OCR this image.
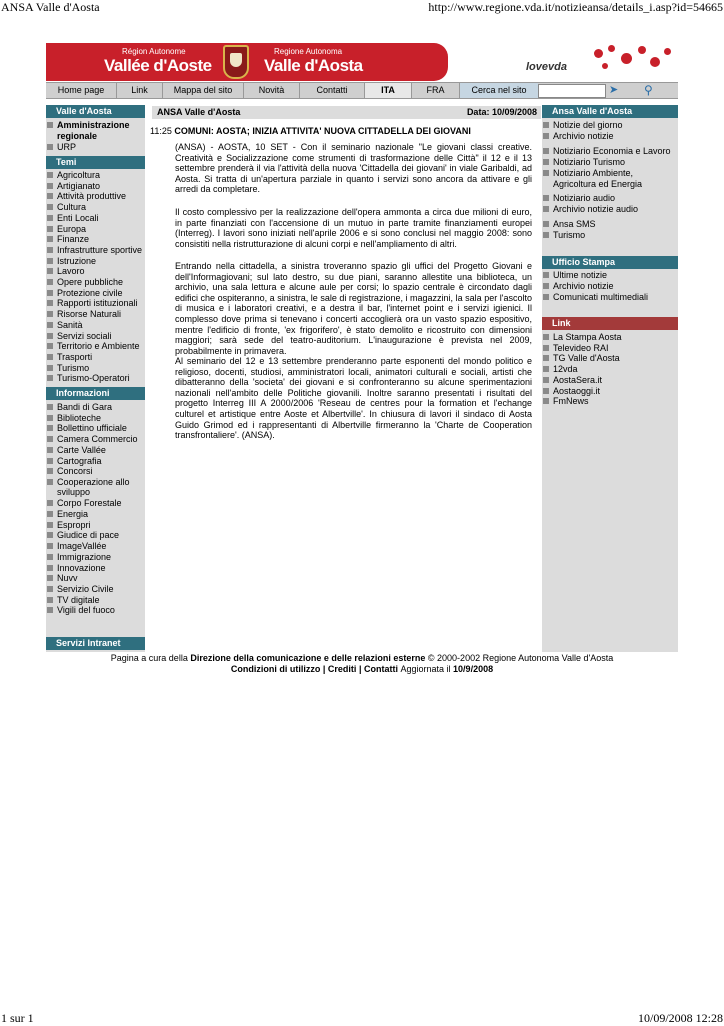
ANSA Valle d'Aosta	http://www.regione.vda.it/notizieansa/details_i.asp?id=54665
1 sur 1	10/09/2008 12:28
Région Autonome
Vallée d'Aoste
Regione Autonoma
Valle d'Aosta	lovevda
Home page	Link	Mappa del sito	Novità	Contatti	ITA	FRA	Cerca nel sito	➤	⚲
Valle d'Aosta
Amministrazione regionale
URP
Temi
Informazioni
Servizi Intranet
Agricoltura
Artigianato
Attività produttive
Cultura
Enti Locali
Europa
Finanze
Infrastrutture sportive
Istruzione
Lavoro
Opere pubbliche
Protezione civile
Rapporti istituzionali
Risorse Naturali
Sanità
Servizi sociali
Territorio e Ambiente
Trasporti
Turismo
Turismo-Operatori
Bandi di Gara
Biblioteche
Bollettino ufficiale
Camera Commercio
Carte Vallée
Cartografia
Concorsi
Cooperazione allo sviluppo
Corpo Forestale
Energia
Espropri
Giudice di pace
ImageVallée
Immigrazione
Innovazione
Nuvv
Servizio Civile
TV digitale
Vigili del fuoco
ANSA Valle d'Aosta	Data: 10/09/2008
11:25 COMUNI: AOSTA; INIZIA ATTIVITA' NUOVA CITTADELLA DEI GIOVANI
(ANSA) - AOSTA, 10 SET - Con il seminario nazionale "Le giovani classi creative. Creatività e Socializzazione come strumenti di trasformazione delle Città" il 12 e il 13 settembre prenderà il via l'attività della nuova 'Cittadella dei giovani' in viale Garibaldi, ad Aosta. Si tratta di un'apertura parziale in quanto i servizi sono ancora da attivare e gli arredi da completare.
Il costo complessivo per la realizzazione dell'opera ammonta a circa due milioni di euro, in parte finanziati con l'accensione di un mutuo in parte tramite finanziamenti europei (Interreg). I lavori sono iniziati nell'aprile 2006 e si sono conclusi nel maggio 2008: sono consistiti nella ristrutturazione di alcuni corpi e nell'ampliamento di altri.
Entrando nella cittadella, a sinistra troveranno spazio gli uffici del Progetto Giovani e dell'Informagiovani; sul lato destro, su due piani, saranno allestite una biblioteca, un archivio, una sala lettura e alcune aule per corsi; lo spazio centrale è circondato dagli edifici che ospiteranno, a sinistra, le sale di registrazione, i magazzini, la sala per l'ascolto di musica e i laboratori creativi, e a destra il bar, l'internet point e i servizi igienici. Il complesso dove prima si tenevano i concerti accoglierà ora un vasto spazio espositivo, mentre l'edificio di fronte, 'ex frigorifero', è stato demolito e ricostruito con dimensioni maggiori; sarà sede del teatro-auditorium. L'inaugurazione è prevista nel 2009, probabilmente in primavera.
Al seminario del 12 e 13 settembre prenderanno parte esponenti del mondo politico e religioso, docenti, studiosi, amministratori locali, animatori culturali e sociali, artisti che dibatteranno della 'societa' dei giovani e si confronteranno su alcune sperimentazioni nazionali nell'ambito delle Politiche giovanili. Inoltre saranno presentati i risultati del progetto Interreg III A 2000/2006 'Reseau de centres pour la formation et l'echange culturel et artistique entre Aoste et Albertville'. In chiusura di lavori il sindaco di Aosta Guido Grimod ed i rappresentanti di Albertville firmeranno la 'Charte de Cooperation transfrontaliere'. (ANSA).
Ansa Valle d'Aosta
Notizie del giorno
Archivio notizie
Notiziario Economia e Lavoro
Notiziario Turismo
Notiziario Ambiente, Agricoltura ed Energia
Notiziario audio
Archivio notizie audio
Ansa SMS
Turismo
Ufficio Stampa
Ultime notizie
Archivio notizie
Comunicati multimediali
Link
La Stampa Aosta
Televideo RAI
TG Valle d'Aosta
12vda
AostaSera.it
Aostaoggi.it
FmNews
Pagina a cura della Direzione della comunicazione e delle relazioni esterne © 2000-2002 Regione Autonoma Valle d'Aosta
Condizioni di utilizzo | Crediti | Contatti Aggiornata il 10/9/2008
